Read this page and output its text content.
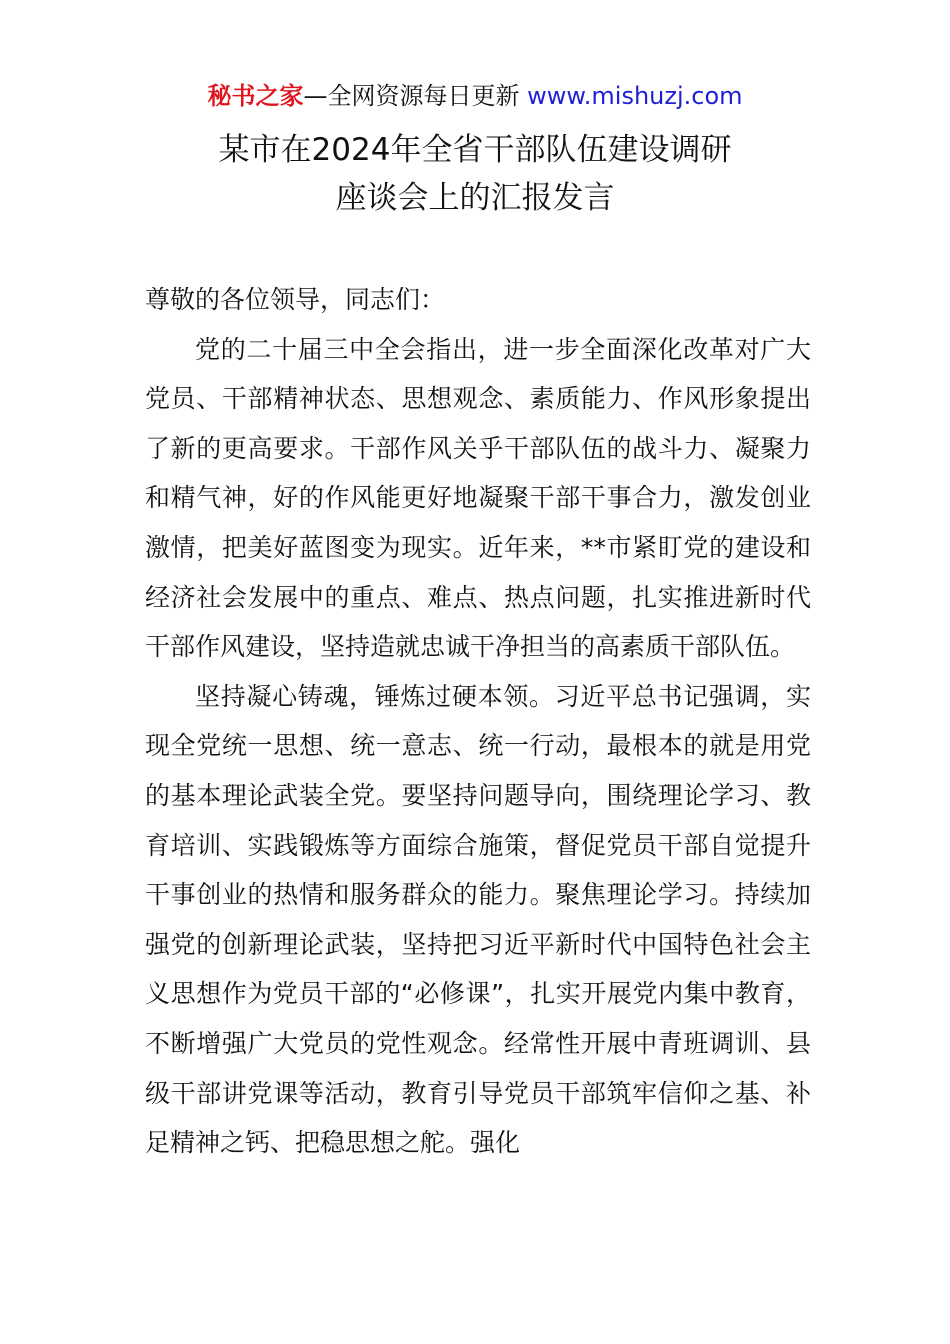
秘书之家—全网资源每日更新 www.mishuzj.com
某市在2024年全省干部队伍建设调研
座谈会上的汇报发言

尊敬的各位领导，同志们：

党的二十届三中全会指出，进一步全面深化改革对广大党员、干部精神状态、思想观念、素质能力、作风形象提出了新的更高要求。干部作风关乎干部队伍的战斗力、凝聚力和精气神，好的作风能更好地凝聚干部干事合力，激发创业激情，把美好蓝图变为现实。近年来，**市紧盯党的建设和经济社会发展中的重点、难点、热点问题，扎实推进新时代干部作风建设，坚持造就忠诚干净担当的高素质干部队伍。

坚持凝心铸魂，锤炼过硬本领。习近平总书记强调，实现全党统一思想、统一意志、统一行动，最根本的就是用党的基本理论武装全党。要坚持问题导向，围绕理论学习、教育培训、实践锻炼等方面综合施策，督促党员干部自觉提升干事创业的热情和服务群众的能力。聚焦理论学习。持续加强党的创新理论武装，坚持把习近平新时代中国特色社会主义思想作为党员干部的“必修课”，扎实开展党内集中教育，不断增强广大党员的党性观念。经常性开展中青班调训、县级干部讲党课等活动，教育引导党员干部筑牢信仰之基、补足精神之钙、把稳思想之舵。强化
